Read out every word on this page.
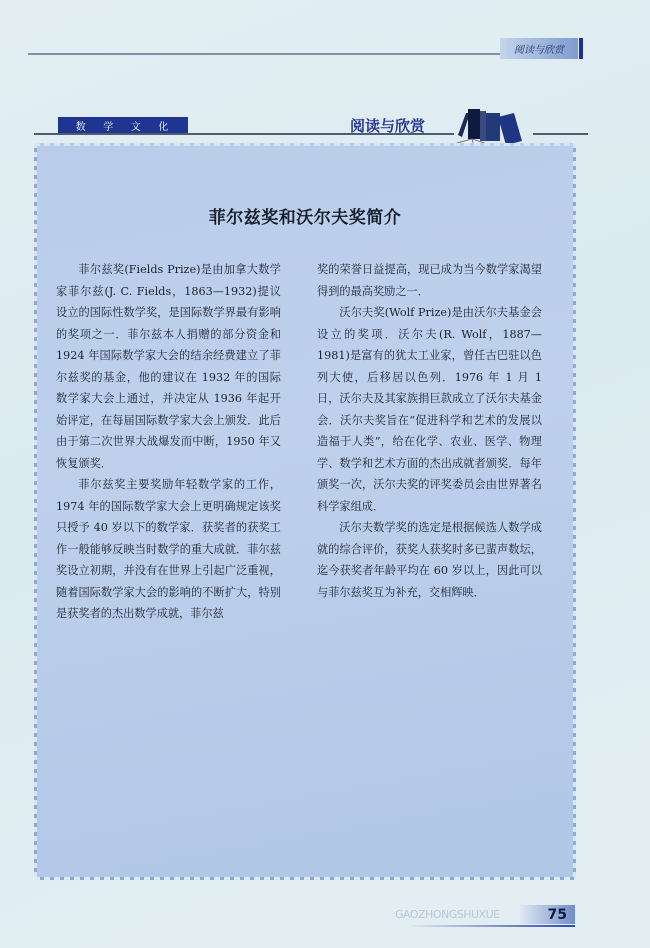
阅读与欣赏
数 学 文 化	阅读与欣赏
菲尔兹奖和沃尔夫奖简介

菲尔兹奖(Fields Prize)是由加拿大数学家菲尔兹(J. C. Fields，1863—1932)提议设立的国际性数学奖，是国际数学界最有影响的奖项之一．菲尔兹本人捐赠的部分资金和 1924 年国际数学家大会的结余经费建立了菲尔兹奖的基金，他的建议在 1932 年的国际数学家大会上通过，并决定从 1936 年起开始评定，在每届国际数学家大会上颁发．此后由于第二次世界大战爆发而中断，1950 年又恢复颁奖．

菲尔兹奖主要奖励年轻数学家的工作，1974 年的国际数学家大会上更明确规定该奖只授予 40 岁以下的数学家．获奖者的获奖工作一般能够反映当时数学的重大成就．菲尔兹奖设立初期，并没有在世界上引起广泛重视，随着国际数学家大会的影响的不断扩大，特别是获奖者的杰出数学成就，菲尔兹

奖的荣誉日益提高，现已成为当今数学家渴望得到的最高奖励之一．

沃尔夫奖(Wolf Prize)是由沃尔夫基金会设立的奖项．沃尔夫(R. Wolf，1887—1981)是富有的犹太工业家，曾任古巴驻以色列大使，后移居以色列．1976 年 1 月 1 日，沃尔夫及其家族捐巨款成立了沃尔夫基金会．沃尔夫奖旨在“促进科学和艺术的发展以造福于人类”，给在化学、农业、医学、物理学、数学和艺术方面的杰出成就者颁奖．每年颁奖一次，沃尔夫奖的评奖委员会由世界著名科学家组成．

沃尔夫数学奖的选定是根据候选人数学成就的综合评价，获奖人获奖时多已蜚声数坛，迄今获奖者年龄平均在 60 岁以上，因此可以与菲尔兹奖互为补充，交相辉映．

GAOZHONGSHUXUE	75
